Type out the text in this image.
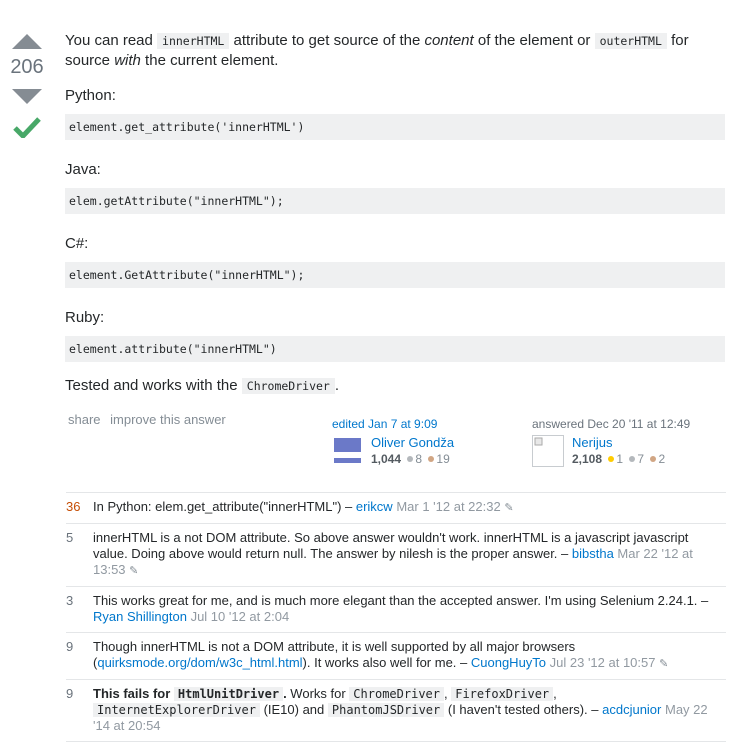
206

You can read innerHTML attribute to get source of the content of the element or outerHTML for source with the current element.

Python:

element.get_attribute('innerHTML')

Java:

elem.getAttribute("innerHTML");

C#:

element.GetAttribute("innerHTML");

Ruby:

element.attribute("innerHTML")

Tested and works with the ChromeDriver .

share improve this answer	edited Jan 7 at 9:09
Oliver Gondža
1,044 8 19
answered Dec 20 '11 at 12:49
Nerijus
2,108 1 7 2
36 In Python: elem.get_attribute("innerHTML") – erikcw Mar 1 '12 at 22:32 ✎
5	innerHTML is a not DOM attribute. So above answer wouldn't work. innerHTML is a javascript javascript value. Doing above would return null. The answer by nilesh is the proper answer. – bibstha Mar 22 '12 at 13:53 ✎
3	This works great for me, and is much more elegant than the accepted answer. I'm using Selenium 2.24.1. – Ryan Shillington Jul 10 '12 at 2:04
9	Though innerHTML is not a DOM attribute, it is well supported by all major browsers (quirksmode.org/dom/w3c_html.html). It works also well for me. – CuongHuyTo Jul 23 '12 at 10:57 ✎
9	This fails for HtmlUnitDriver . Works for ChromeDriver , FirefoxDriver , InternetExplorerDriver (IE10) and PhantomJSDriver (I haven't tested others). – acdcjunior May 22 '14 at 20:54
